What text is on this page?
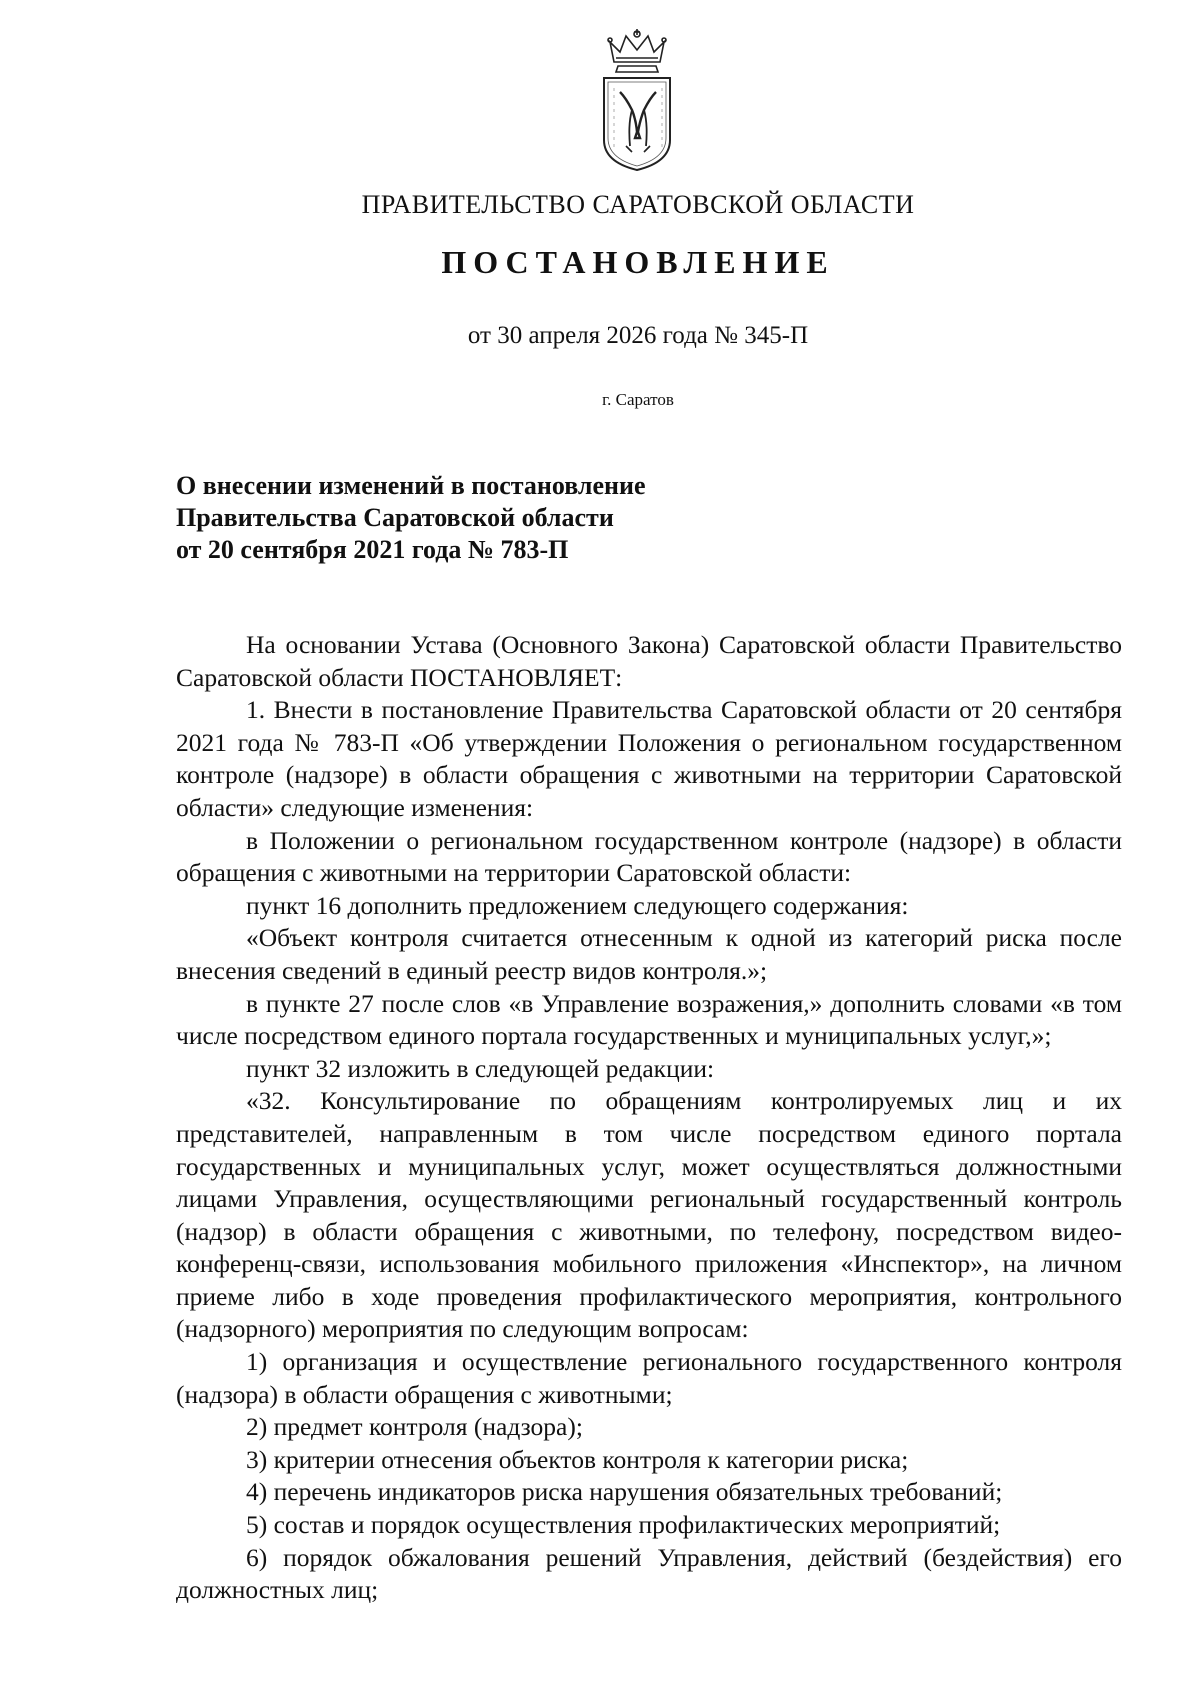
ПРАВИТЕЛЬСТВО САРАТОВСКОЙ ОБЛАСТИ
ПОСТАНОВЛЕНИЕ
от 30 апреля 2026 года № 345-П
г. Саратов
О внесении изменений в постановление
Правительства Саратовской области
от 20 сентября 2021 года № 783-П

На основании Устава (Основного Закона) Саратовской области Правительство Саратовской области ПОСТАНОВЛЯЕТ:

1. Внести в постановление Правительства Саратовской области от 20 сентября 2021 года № 783-П «Об утверждении Положения о региональном государственном контроле (надзоре) в области обращения с животными на территории Саратовской области» следующие изменения:

в Положении о региональном государственном контроле (надзоре) в области обращения с животными на территории Саратовской области:

пункт 16 дополнить предложением следующего содержания:

«Объект контроля считается отнесенным к одной из категорий риска после внесения сведений в единый реестр видов контроля.»;

в пункте 27 после слов «в Управление возражения,» дополнить словами «в том числе посредством единого портала государственных и муниципальных услуг,»;

пункт 32 изложить в следующей редакции:

«32. Консультирование по обращениям контролируемых лиц и их представителей, направленным в том числе посредством единого портала государственных и муниципальных услуг, может осуществляться должностными лицами Управления, осуществляющими региональный государственный контроль (надзор) в области обращения с животными, по телефону, посредством видео-конференц-связи, использования мобильного приложения «Инспектор», на личном приеме либо в ходе проведения профилактического мероприятия, контрольного (надзорного) мероприятия по следующим вопросам:

1) организация и осуществление регионального государственного контроля (надзора) в области обращения с животными;

2) предмет контроля (надзора);

3) критерии отнесения объектов контроля к категории риска;

4) перечень индикаторов риска нарушения обязательных требований;

5) состав и порядок осуществления профилактических мероприятий;

6) порядок обжалования решений Управления, действий (бездействия) его должностных лиц;
